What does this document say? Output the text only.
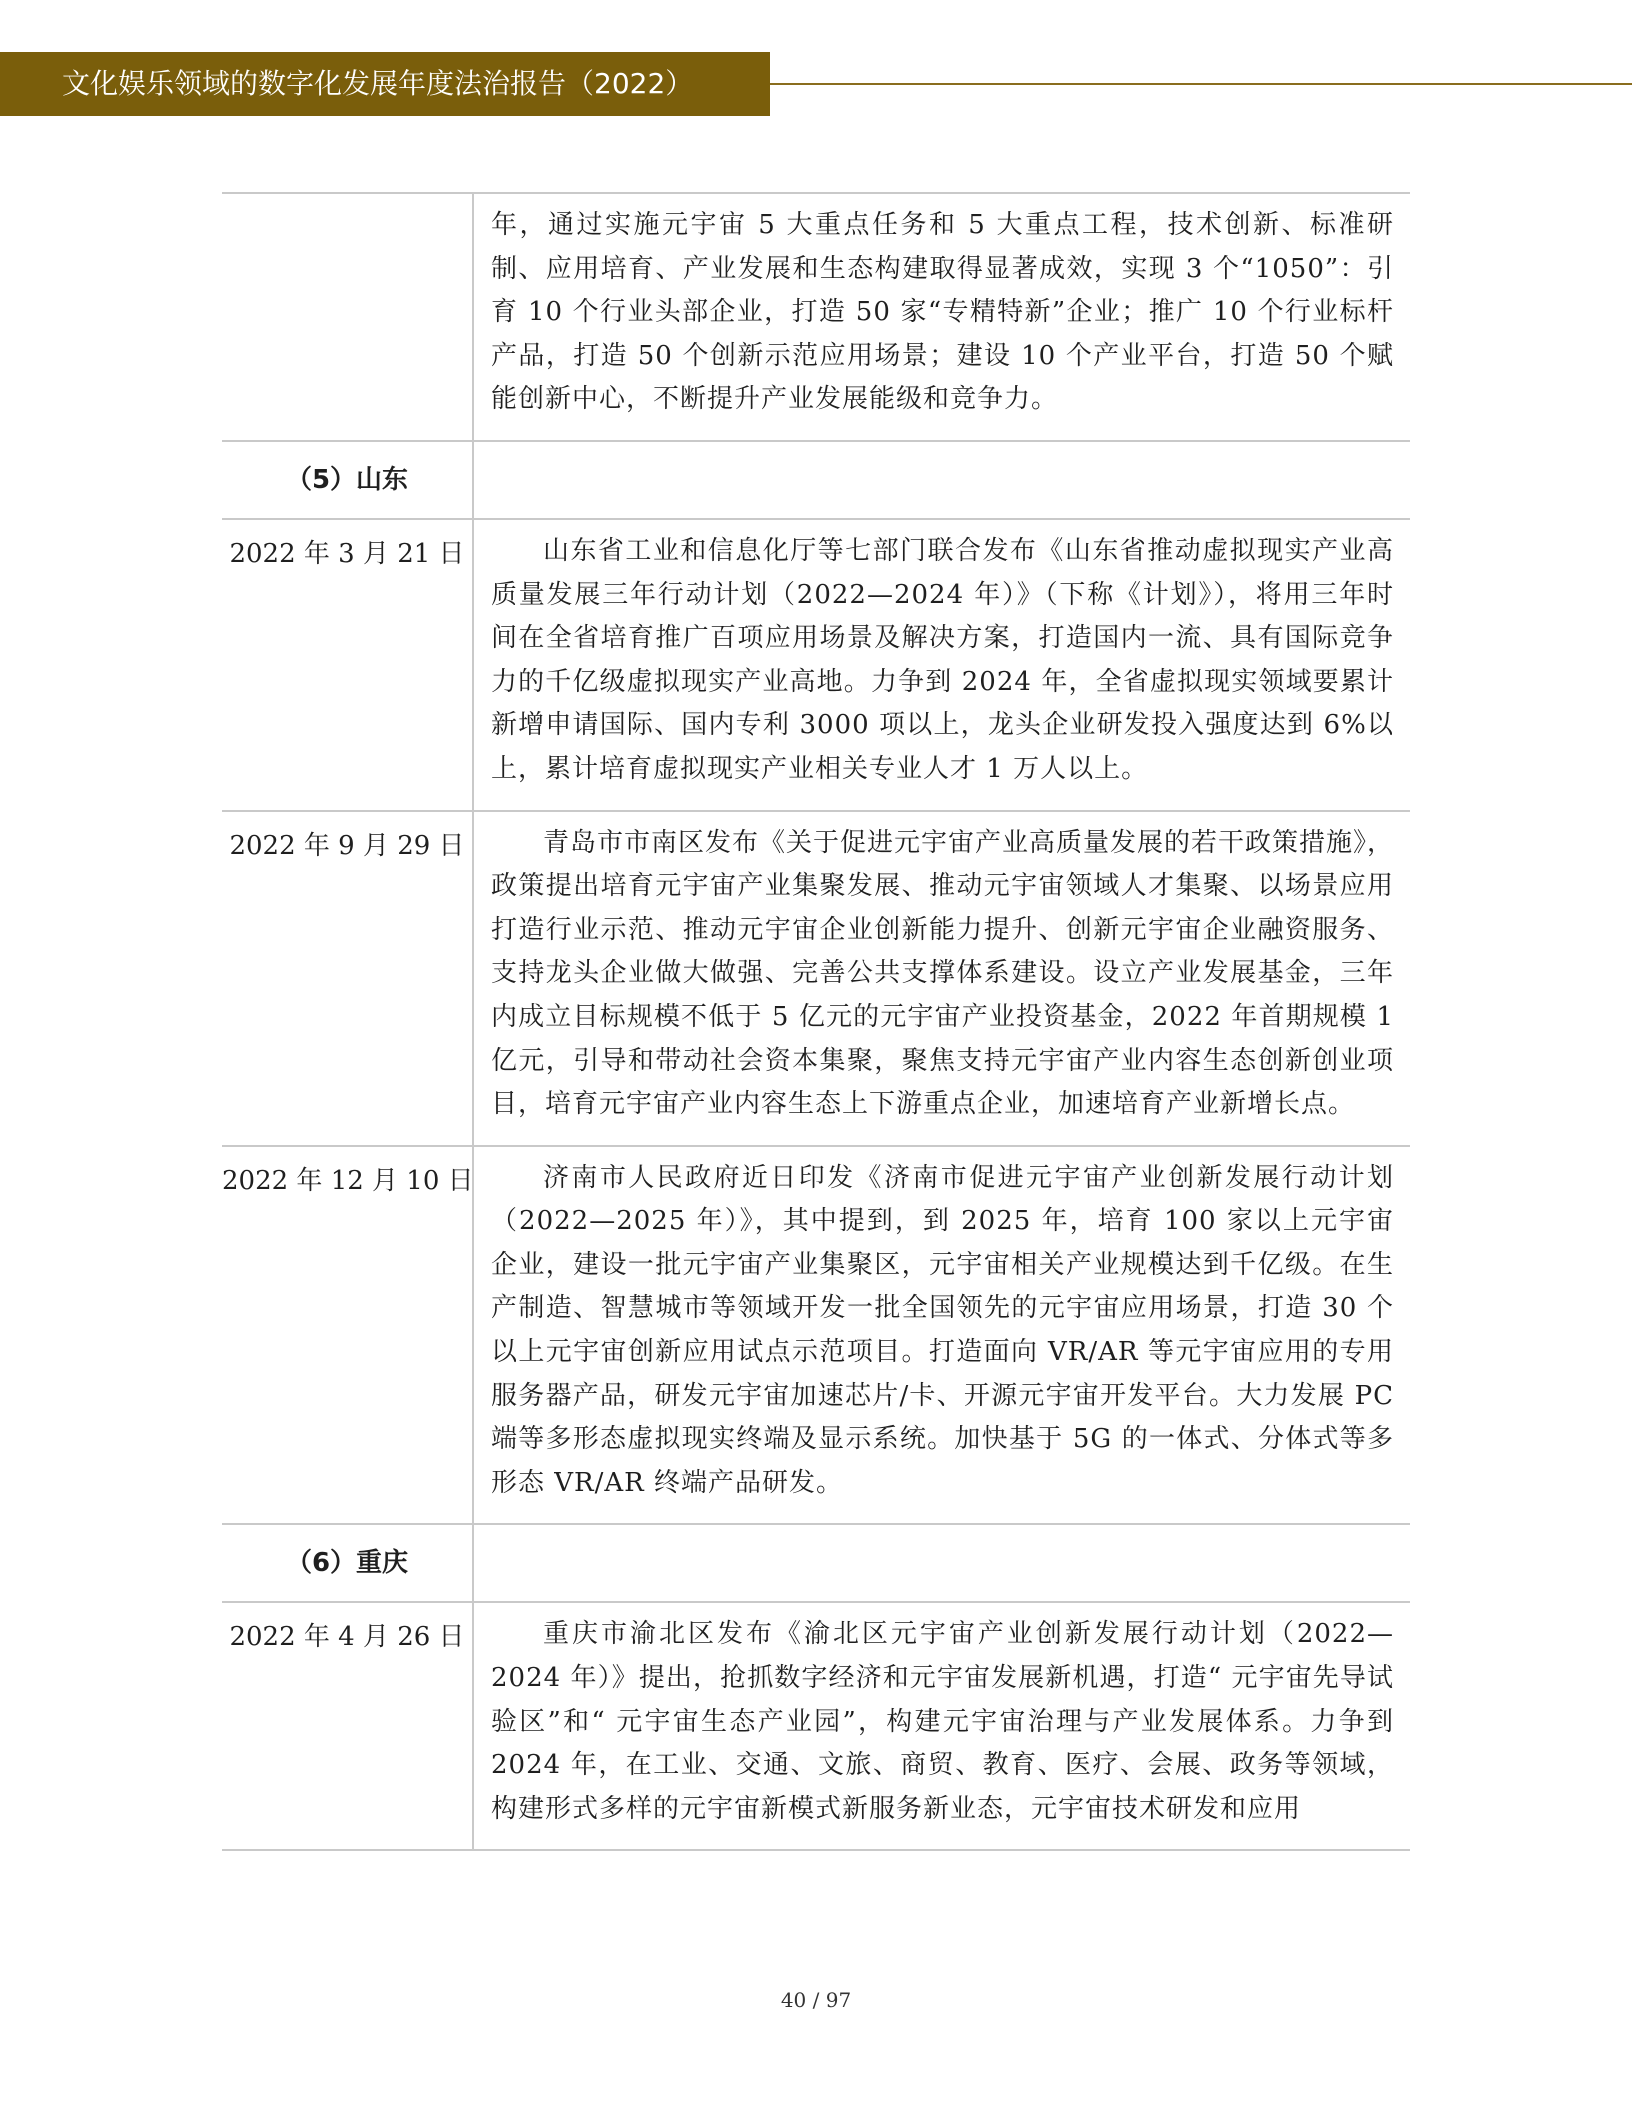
文化娱乐领域的数字化发展年度法治报告（2022）

年，通过实施元宇宙 5 大重点任务和 5 大重点工程，技术创新、标准研制、应用培育、产业发展和生态构建取得显著成效，实现 3 个“1050”：引育 10 个行业头部企业，打造 50 家“专精特新”企业；推广 10 个行业标杆产品，打造 50 个创新示范应用场景；建设 10 个产业平台，打造 50 个赋能创新中心，不断提升产业发展能级和竞争力。

（5）山东
2022 年 3 月 21 日	山东省工业和信息化厅等七部门联合发布《山东省推动虚拟现实产业高质量发展三年行动计划（2022—2024 年）》（下称《计划》），将用三年时间在全省培育推广百项应用场景及解决方案，打造国内一流、具有国际竞争力的千亿级虚拟现实产业高地。力争到 2024 年，全省虚拟现实领域要累计新增申请国际、国内专利 3000 项以上，龙头企业研发投入强度达到 6%以上，累计培育虚拟现实产业相关专业人才 1 万人以上。

2022 年 9 月 29 日	青岛市市南区发布《关于促进元宇宙产业高质量发展的若干政策措施》，政策提出培育元宇宙产业集聚发展、推动元宇宙领域人才集聚、以场景应用打造行业示范、推动元宇宙企业创新能力提升、创新元宇宙企业融资服务、支持龙头企业做大做强、完善公共支撑体系建设。设立产业发展基金，三年内成立目标规模不低于 5 亿元的元宇宙产业投资基金，2022 年首期规模 1 亿元，引导和带动社会资本集聚，聚焦支持元宇宙产业内容生态创新创业项目，培育元宇宙产业内容生态上下游重点企业，加速培育产业新增长点。

2022 年 12 月 10 日	济南市人民政府近日印发《济南市促进元宇宙产业创新发展行动计划（2022—2025 年）》，其中提到，到 2025 年，培育 100 家以上元宇宙企业，建设一批元宇宙产业集聚区，元宇宙相关产业规模达到千亿级。在生产制造、智慧城市等领域开发一批全国领先的元宇宙应用场景，打造 30 个以上元宇宙创新应用试点示范项目。打造面向 VR/AR 等元宇宙应用的专用服务器产品，研发元宇宙加速芯片/卡、开源元宇宙开发平台。大力发展 PC 端等多形态虚拟现实终端及显示系统。加快基于 5G 的一体式、分体式等多形态 VR/AR 终端产品研发。

（6）重庆
2022 年 4 月 26 日	重庆市渝北区发布《渝北区元宇宙产业创新发展行动计划（2022—2024 年）》提出，抢抓数字经济和元宇宙发展新机遇，打造“ 元宇宙先导试验区”和“ 元宇宙生态产业园”，构建元宇宙治理与产业发展体系。力争到 2024 年，在工业、交通、文旅、商贸、教育、医疗、会展、政务等领域，构建形式多样的元宇宙新模式新服务新业态，元宇宙技术研发和应用

40 / 97
